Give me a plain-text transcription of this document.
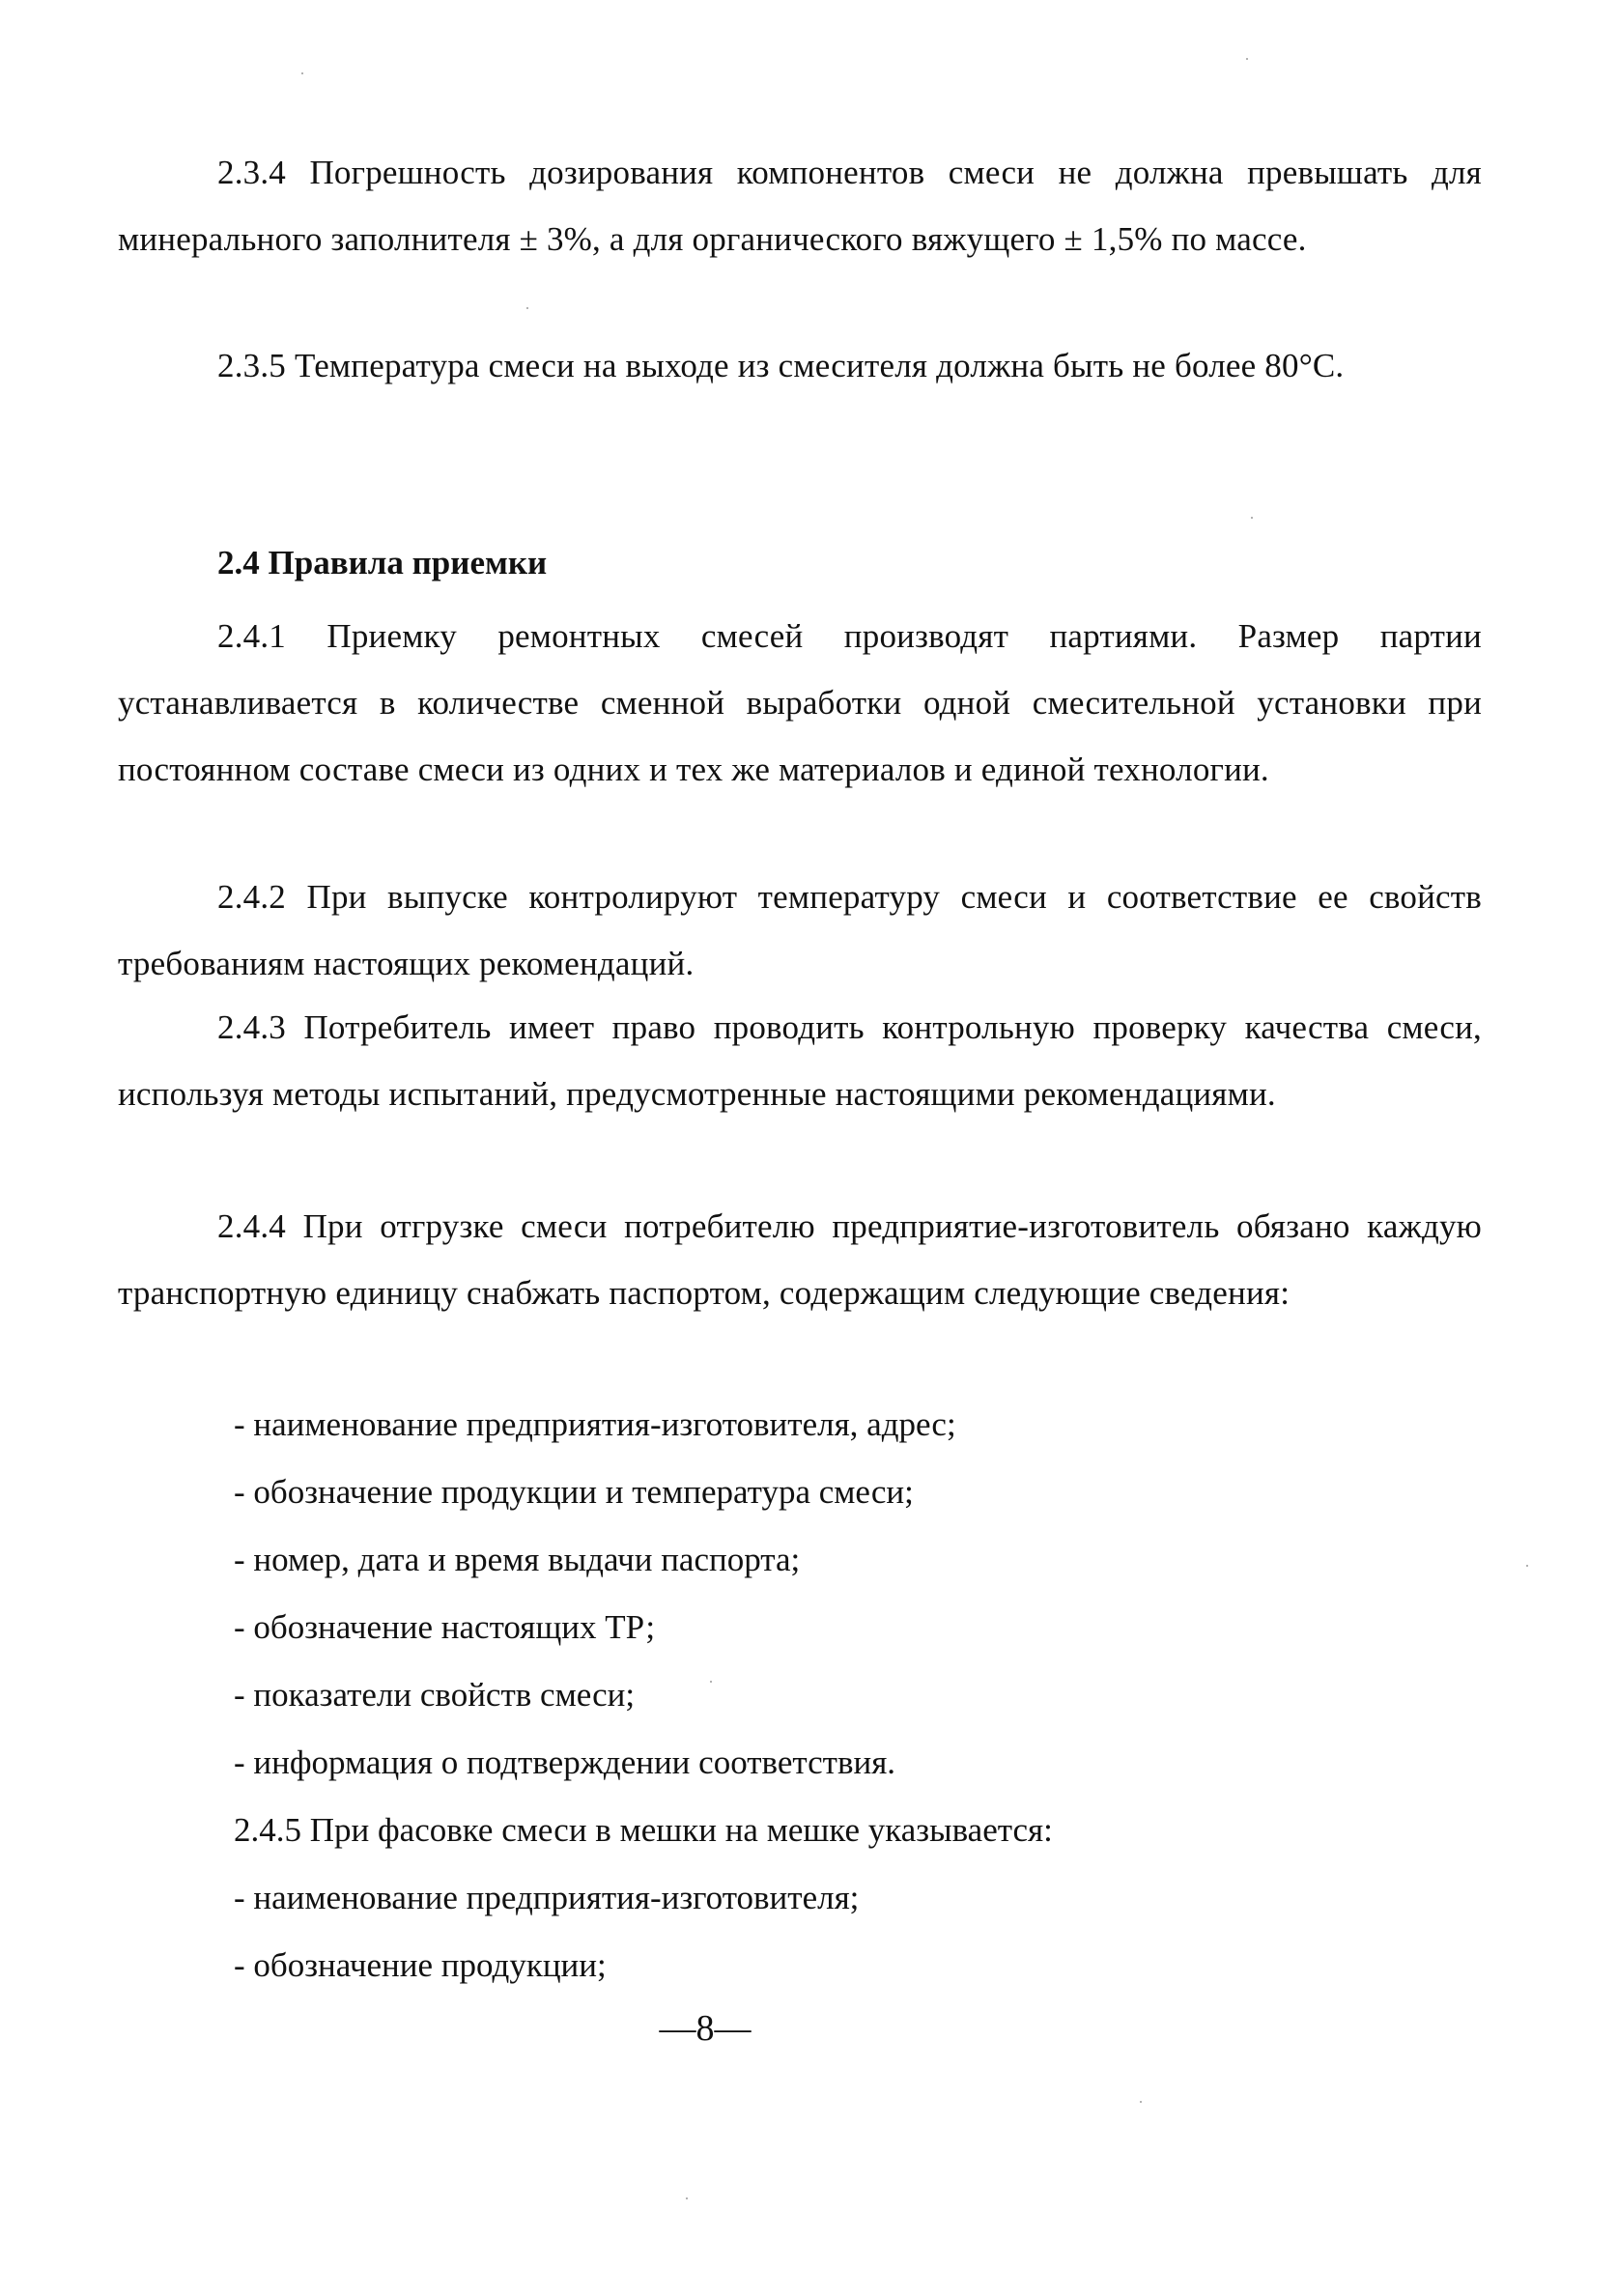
2.3.4 Погрешность дозирования компонентов смеси не должна превышать для минерального заполнителя ± 3%, а для органического вяжущего ± 1,5% по массе.

2.3.5 Температура смеси на выходе из смесителя должна быть не более 80°С.

2.4 Правила приемки

2.4.1 Приемку ремонтных смесей производят партиями. Размер партии устанавливается в количестве сменной выработки одной смесительной установки при постоянном составе смеси из одних и тех же материалов и единой технологии.

2.4.2 При выпуске контролируют температуру смеси и соответствие ее свойств требованиям настоящих рекомендаций.

2.4.3 Потребитель имеет право проводить контрольную проверку качества смеси, используя методы испытаний, предусмотренные настоящими рекомендациями.

2.4.4 При отгрузке смеси потребителю предприятие-изготовитель обязано каждую транспортную единицу снабжать паспортом, содержащим следующие сведения:

- наименование предприятия-изготовителя, адрес;

- обозначение продукции и температура смеси;

- номер, дата и время выдачи паспорта;

- обозначение настоящих ТР;

- показатели свойств смеси;

- информация о подтверждении соответствия.

2.4.5 При фасовке смеси в мешки на мешке указывается:

- наименование предприятия-изготовителя;

- обозначение продукции;

—8—
